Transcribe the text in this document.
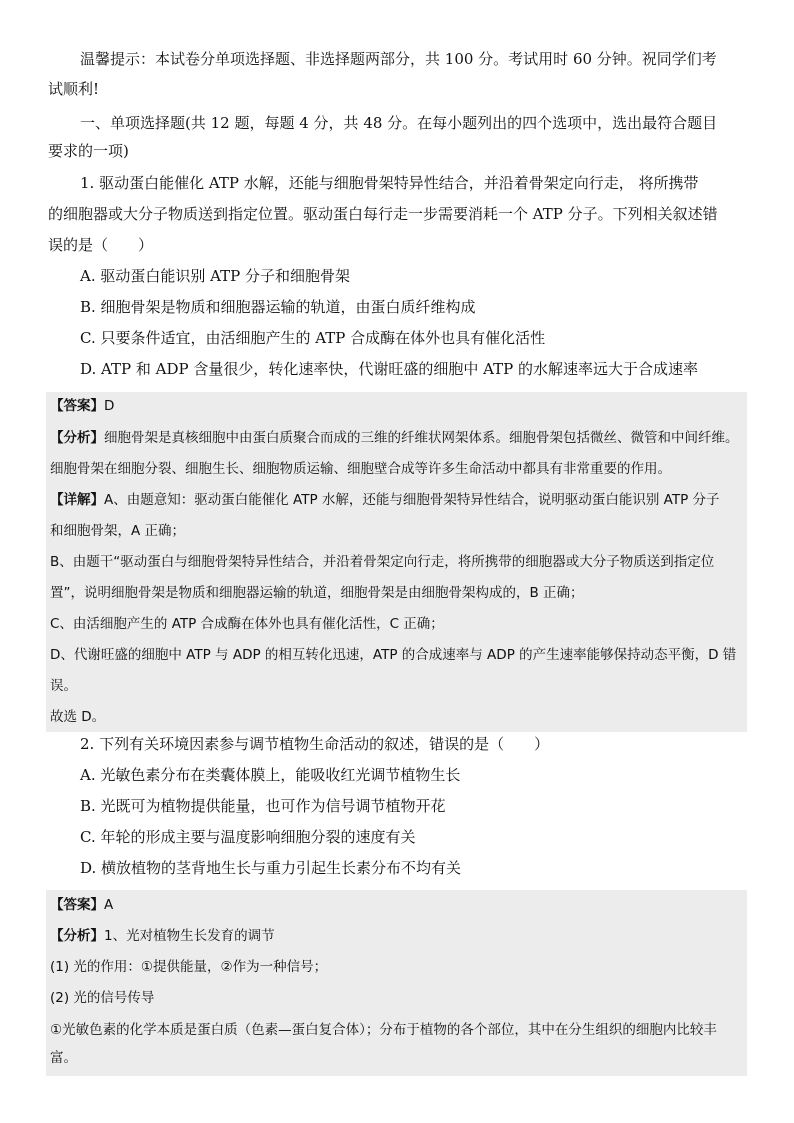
温馨提示：本试卷分单项选择题、非选择题两部分，共 100 分。考试用时 60 分钟。祝同学们考
试顺利!
一、单项选择题(共 12 题，每题 4 分，共 48 分。在每小题列出的四个选项中，选出最符合题目
要求的一项)
1. 驱动蛋白能催化 ATP 水解，还能与细胞骨架特异性结合，并沿着骨架定向行走， 将所携带
的细胞器或大分子物质送到指定位置。驱动蛋白每行走一步需要消耗一个 ATP 分子。下列相关叙述错
误的是（　　）
A. 驱动蛋白能识别 ATP 分子和细胞骨架
B. 细胞骨架是物质和细胞器运输的轨道，由蛋白质纤维构成
C. 只要条件适宜，由活细胞产生的 ATP 合成酶在体外也具有催化活性
D. ATP 和 ADP 含量很少，转化速率快，代谢旺盛的细胞中 ATP 的水解速率远大于合成速率
【答案】D
【分析】细胞骨架是真核细胞中由蛋白质聚合而成的三维的纤维状网架体系。细胞骨架包括微丝、微管和中间纤维。
细胞骨架在细胞分裂、细胞生长、细胞物质运输、细胞壁合成等许多生命活动中都具有非常重要的作用。
【详解】A、由题意知：驱动蛋白能催化 ATP 水解，还能与细胞骨架特异性结合，说明驱动蛋白能识别 ATP 分子
和细胞骨架，A 正确；
B、由题干“驱动蛋白与细胞骨架特异性结合，并沿着骨架定向行走，将所携带的细胞器或大分子物质送到指定位
置”，说明细胞骨架是物质和细胞器运输的轨道，细胞骨架是由细胞骨架构成的，B 正确；
C、由活细胞产生的 ATP 合成酶在体外也具有催化活性，C 正确；
D、代谢旺盛的细胞中 ATP 与 ADP 的相互转化迅速，ATP 的合成速率与 ADP 的产生速率能够保持动态平衡，D 错
误。
故选 D。
2. 下列有关环境因素参与调节植物生命活动的叙述，错误的是（　　）
A. 光敏色素分布在类囊体膜上，能吸收红光调节植物生长
B. 光既可为植物提供能量，也可作为信号调节植物开花
C. 年轮的形成主要与温度影响细胞分裂的速度有关
D. 横放植物的茎背地生长与重力引起生长素分布不均有关
【答案】A
【分析】1、光对植物生长发育的调节
(1) 光的作用：①提供能量，②作为一种信号；
(2) 光的信号传导
①光敏色素的化学本质是蛋白质（色素—蛋白复合体）；分布于植物的各个部位，其中在分生组织的细胞内比较丰
富。
